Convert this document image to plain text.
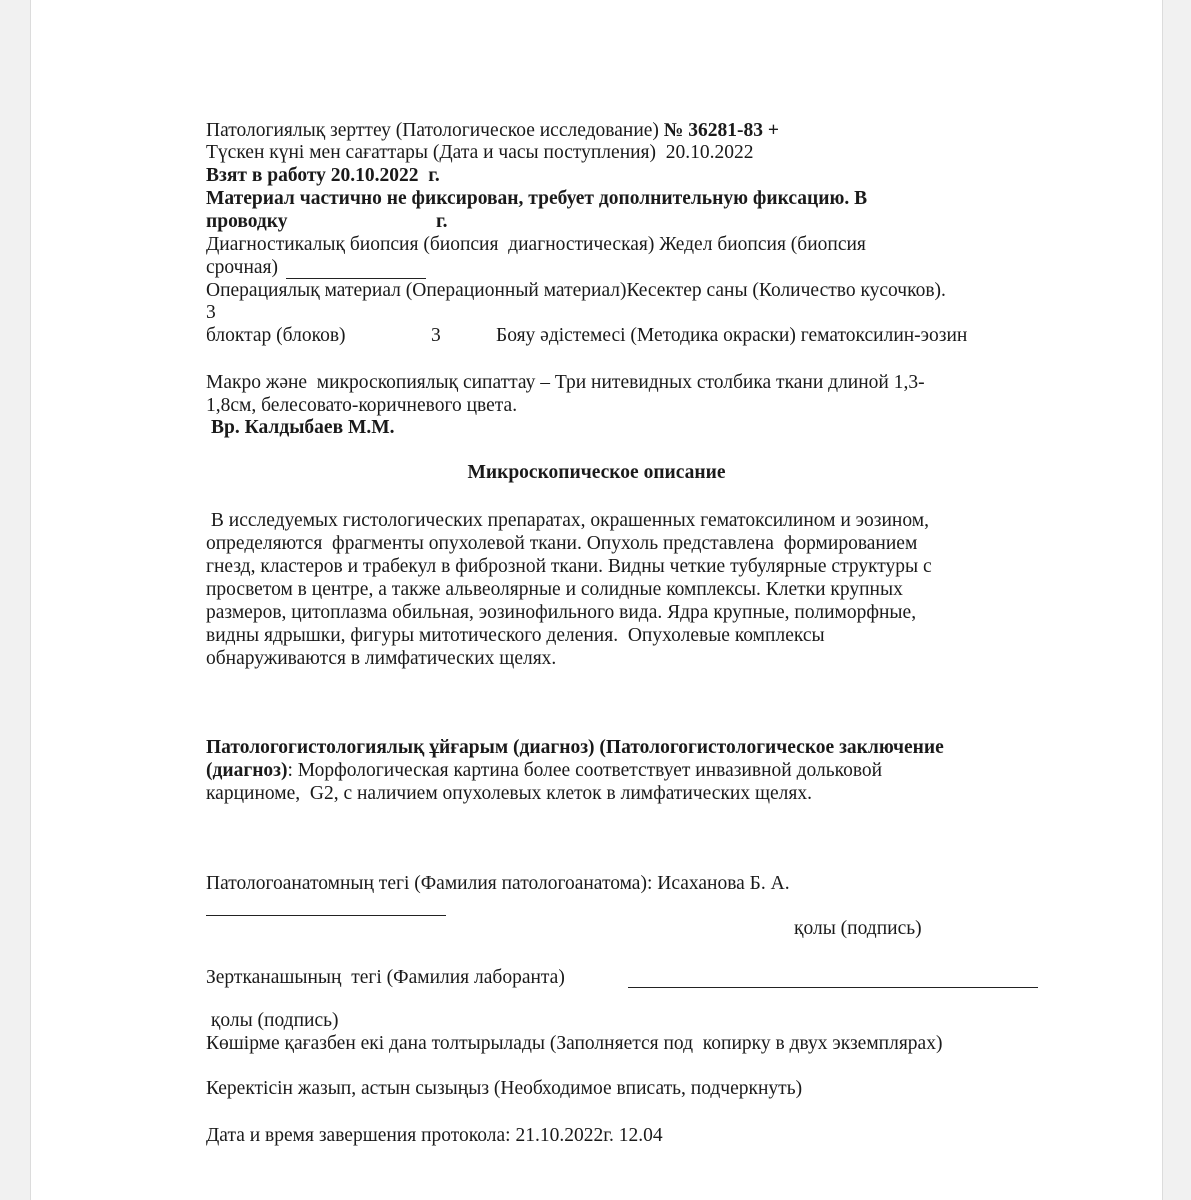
Патологиялық зерттеу (Патологическое исследование) № 36281-83 +
Түскен күні мен сағаттары (Дата и часы поступления)  20.10.2022
Взят в работу 20.10.2022  г.
Материал частично не фиксирован, требует дополнительную фиксацию. В
проводку	г.
Диагностикалық биопсия (биопсия  диагностическая) Жедел биопсия (биопсия
срочная)
Операциялық материал (Операционный материал)Кесектер саны (Количество кусочков).
3
блоктар (блоков)	3	Бояу әдістемесі (Методика окраски) гематоксилин-эозин
Макро және  микроскопиялық сипаттау – Три нитевидных столбика ткани длиной 1,3-
1,8см, белесовато-коричневого цвета.
Вр. Калдыбаев М.М.
Микроскопическое описание
В исследуемых гистологических препаратах, окрашенных гематоксилином и эозином,
определяются  фрагменты опухолевой ткани. Опухоль представлена  формированием
гнезд, кластеров и трабекул в фиброзной ткани. Видны четкие тубулярные структуры с
просветом в центре, а также альвеолярные и солидные комплексы. Клетки крупных
размеров, цитоплазма обильная, эозинофильного вида. Ядра крупные, полиморфные,
видны ядрышки, фигуры митотического деления.  Опухолевые комплексы
обнаруживаются в лимфатических щелях.
Патологогистологиялық ұйғарым (диагноз) (Патологогистологическое заключение
(диагноз): Морфологическая картина более соответствует инвазивной дольковой
карциноме,  G2, с наличием опухолевых клеток в лимфатических щелях.
Патологоанатомның тегі (Фамилия патологоанатома): Исаханова Б. А.
қолы (подпись)
Зертканашының  тегі (Фамилия лаборанта)
қолы (подпись)
Көшірме қағазбен екі дана толтырылады (Заполняется под  копирку в двух экземплярах)
Керектісін жазып, астын сызыңыз (Необходимое вписать, подчеркнуть)
Дата и время завершения протокола: 21.10.2022г. 12.04
